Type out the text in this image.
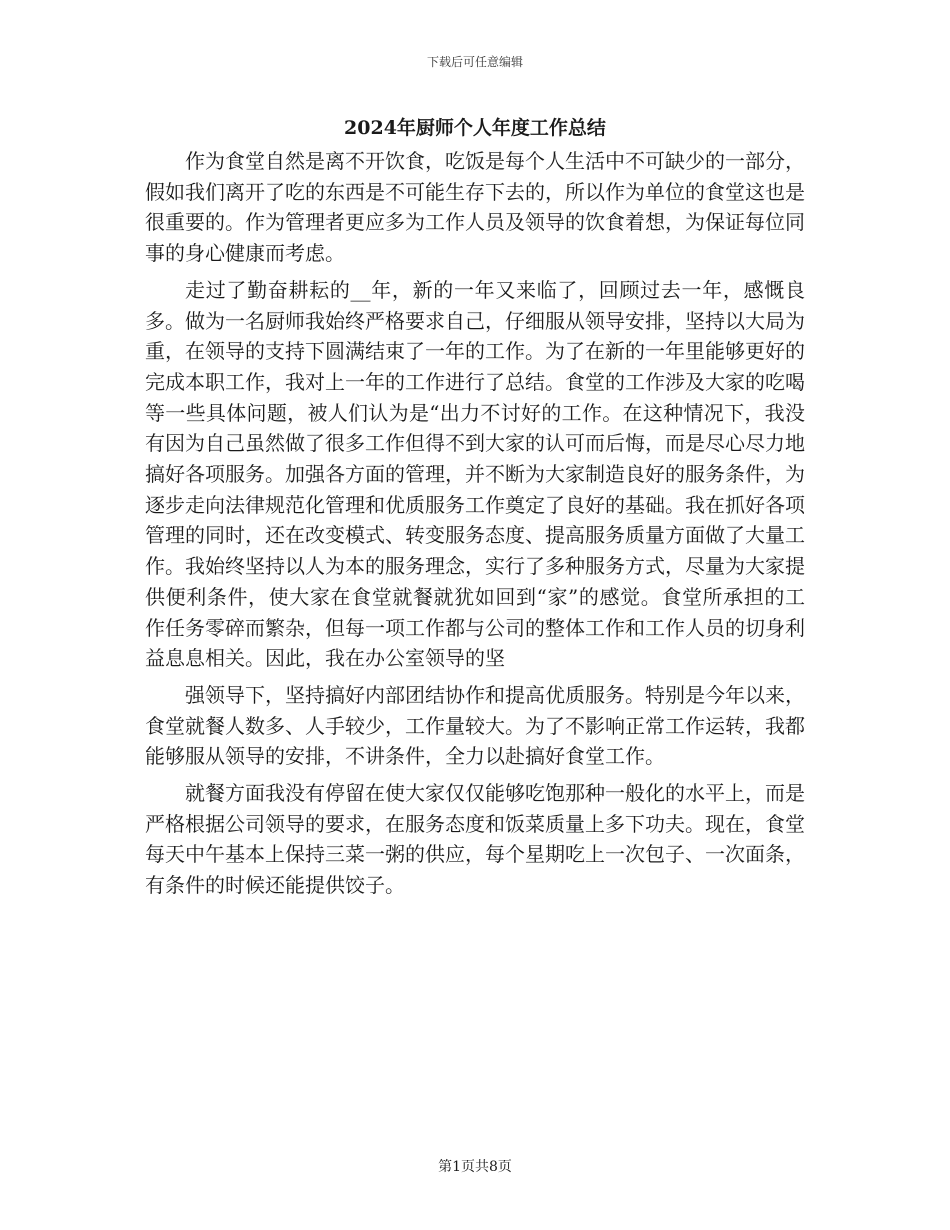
下载后可任意编辑
2024年厨师个人年度工作总结

作为食堂自然是离不开饮食，吃饭是每个人生活中不可缺少的一部分，假如我们离开了吃的东西是不可能生存下去的，所以作为单位的食堂这也是很重要的。作为管理者更应多为工作人员及领导的饮食着想，为保证每位同事的身心健康而考虑。

走过了勤奋耕耘的__年，新的一年又来临了，回顾过去一年，感慨良多。做为一名厨师我始终严格要求自己，仔细服从领导安排，坚持以大局为重，在领导的支持下圆满结束了一年的工作。为了在新的一年里能够更好的完成本职工作，我对上一年的工作进行了总结。食堂的工作涉及大家的吃喝等一些具体问题，被人们认为是“出力不讨好的工作。在这种情况下，我没有因为自己虽然做了很多工作但得不到大家的认可而后悔，而是尽心尽力地搞好各项服务。加强各方面的管理，并不断为大家制造良好的服务条件，为逐步走向法律规范化管理和优质服务工作奠定了良好的基础。我在抓好各项管理的同时，还在改变模式、转变服务态度、提高服务质量方面做了大量工作。我始终坚持以人为本的服务理念，实行了多种服务方式，尽量为大家提供便利条件，使大家在食堂就餐就犹如回到“家”的感觉。食堂所承担的工作任务零碎而繁杂，但每一项工作都与公司的整体工作和工作人员的切身利益息息相关。因此，我在办公室领导的坚

强领导下，坚持搞好内部团结协作和提高优质服务。特别是今年以来，食堂就餐人数多、人手较少，工作量较大。为了不影响正常工作运转，我都能够服从领导的安排，不讲条件，全力以赴搞好食堂工作。

就餐方面我没有停留在使大家仅仅能够吃饱那种一般化的水平上，而是严格根据公司领导的要求，在服务态度和饭菜质量上多下功夫。现在，食堂每天中午基本上保持三菜一粥的供应，每个星期吃上一次包子、一次面条，有条件的时候还能提供饺子。

第1页共8页
